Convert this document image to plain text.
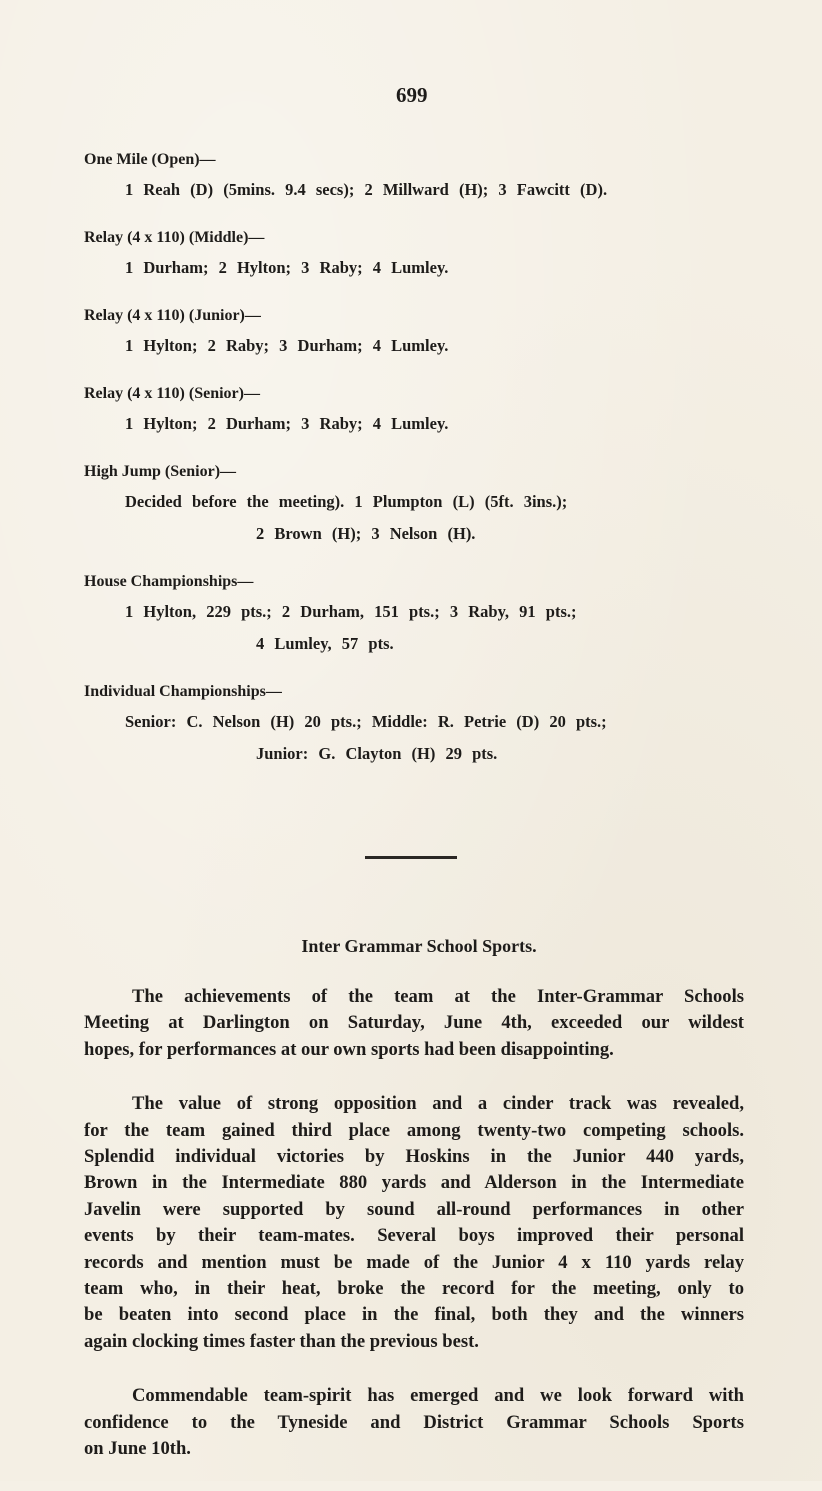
699
One Mile (Open)—
1 Reah (D) (5mins. 9.4 secs); 2 Millward (H); 3 Fawcitt (D).
Relay (4 x 110) (Middle)—
1 Durham; 2 Hylton; 3 Raby; 4 Lumley.
Relay (4 x 110) (Junior)—
1 Hylton; 2 Raby; 3 Durham; 4 Lumley.
Relay (4 x 110) (Senior)—
1 Hylton; 2 Durham; 3 Raby; 4 Lumley.
High Jump (Senior)—
Decided before the meeting). 1 Plumpton (L) (5ft. 3ins.);
2 Brown (H); 3 Nelson (H).
House Championships—
1 Hylton, 229 pts.; 2 Durham, 151 pts.; 3 Raby, 91 pts.;
4 Lumley, 57 pts.
Individual Championships—
Senior: C. Nelson (H) 20 pts.; Middle: R. Petrie (D) 20 pts.;
Junior: G. Clayton (H) 29 pts.
Inter Grammar School Sports.

The achievements of the team at the Inter-Grammar Schools
Meeting at Darlington on Saturday, June 4th, exceeded our wildest
hopes, for performances at our own sports had been disappointing.

The value of strong opposition and a cinder track was revealed,
for the team gained third place among twenty-two competing schools.
Splendid individual victories by Hoskins in the Junior 440 yards,
Brown in the Intermediate 880 yards and Alderson in the Intermediate
Javelin were supported by sound all-round performances in other
events by their team-mates. Several boys improved their personal
records and mention must be made of the Junior 4 x 110 yards relay
team who, in their heat, broke the record for the meeting, only to
be beaten into second place in the final, both they and the winners
again clocking times faster than the previous best.

Commendable team-spirit has emerged and we look forward with
confidence to the Tyneside and District Grammar Schools Sports
on June 10th.
